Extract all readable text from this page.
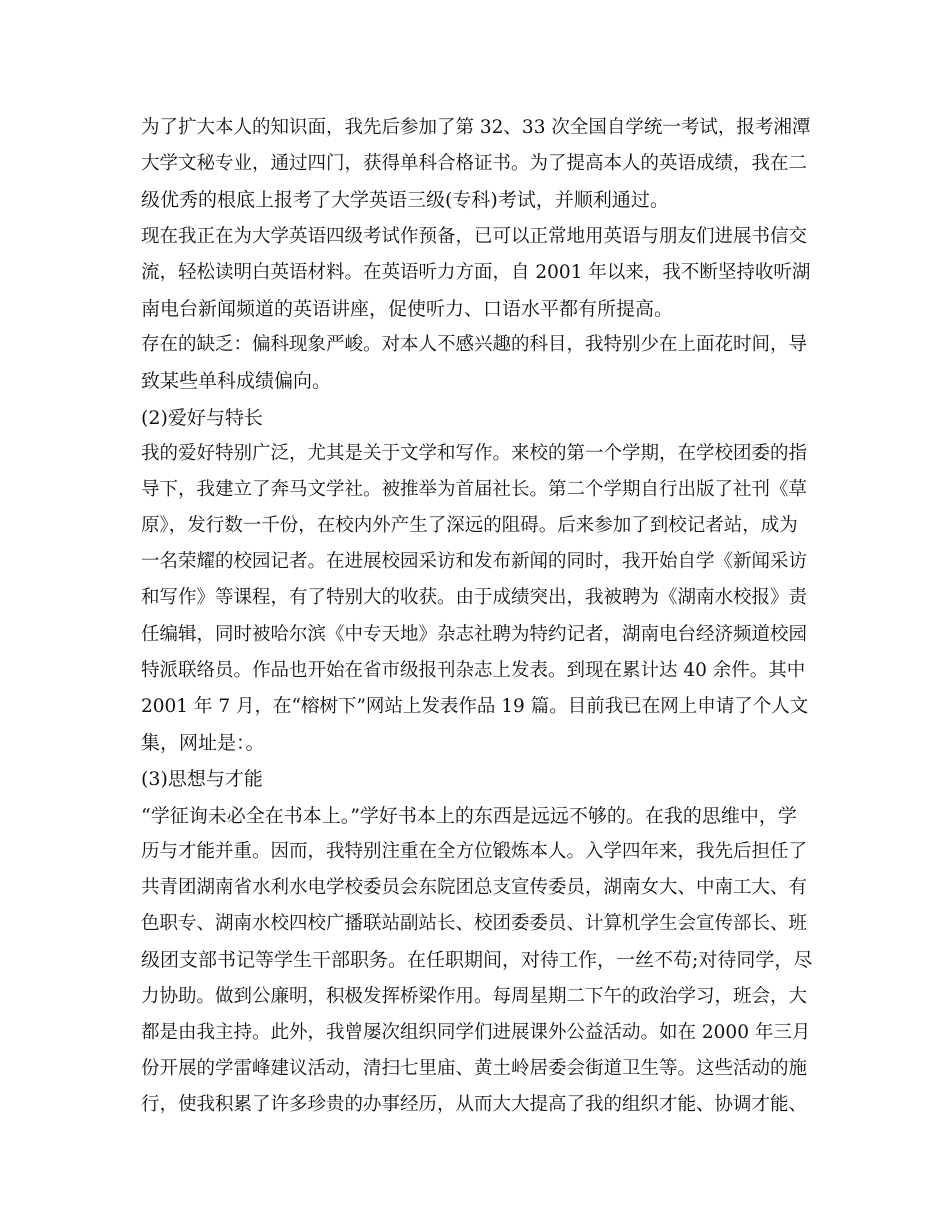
为了扩大本人的知识面，我先后参加了第 32、33 次全国自学统一考试，报考湘潭
大学文秘专业，通过四门，获得单科合格证书。为了提高本人的英语成绩，我在二
级优秀的根底上报考了大学英语三级(专科)考试，并顺利通过。
现在我正在为大学英语四级考试作预备，已可以正常地用英语与朋友们进展书信交
流，轻松读明白英语材料。在英语听力方面，自 2001 年以来，我不断坚持收听湖
南电台新闻频道的英语讲座，促使听力、口语水平都有所提高。
存在的缺乏：偏科现象严峻。对本人不感兴趣的科目，我特别少在上面花时间，导
致某些单科成绩偏向。
(2)爱好与特长
我的爱好特别广泛，尤其是关于文学和写作。来校的第一个学期，在学校团委的指
导下，我建立了奔马文学社。被推举为首届社长。第二个学期自行出版了社刊《草
原》，发行数一千份，在校内外产生了深远的阻碍。后来参加了到校记者站，成为
一名荣耀的校园记者。在进展校园采访和发布新闻的同时，我开始自学《新闻采访
和写作》等课程，有了特别大的收获。由于成绩突出，我被聘为《湖南水校报》责
任编辑，同时被哈尔滨《中专天地》杂志社聘为特约记者，湖南电台经济频道校园
特派联络员。作品也开始在省市级报刊杂志上发表。到现在累计达 40 余件。其中
2001 年 7 月，在“榕树下”网站上发表作品 19 篇。目前我已在网上申请了个人文
集，网址是：。
(3)思想与才能
“学征询未必全在书本上。”学好书本上的东西是远远不够的。在我的思维中，学
历与才能并重。因而，我特别注重在全方位锻炼本人。入学四年来，我先后担任了
共青团湖南省水利水电学校委员会东院团总支宣传委员，湖南女大、中南工大、有
色职专、湖南水校四校广播联站副站长、校团委委员、计算机学生会宣传部长、班
级团支部书记等学生干部职务。在任职期间，对待工作，一丝不苟;对待同学，尽
力协助。做到公廉明，积极发挥桥梁作用。每周星期二下午的政治学习，班会，大
都是由我主持。此外，我曾屡次组织同学们进展课外公益活动。如在 2000 年三月
份开展的学雷峰建议活动，清扫七里庙、黄土岭居委会街道卫生等。这些活动的施
行，使我积累了许多珍贵的办事经历，从而大大提高了我的组织才能、协调才能、
